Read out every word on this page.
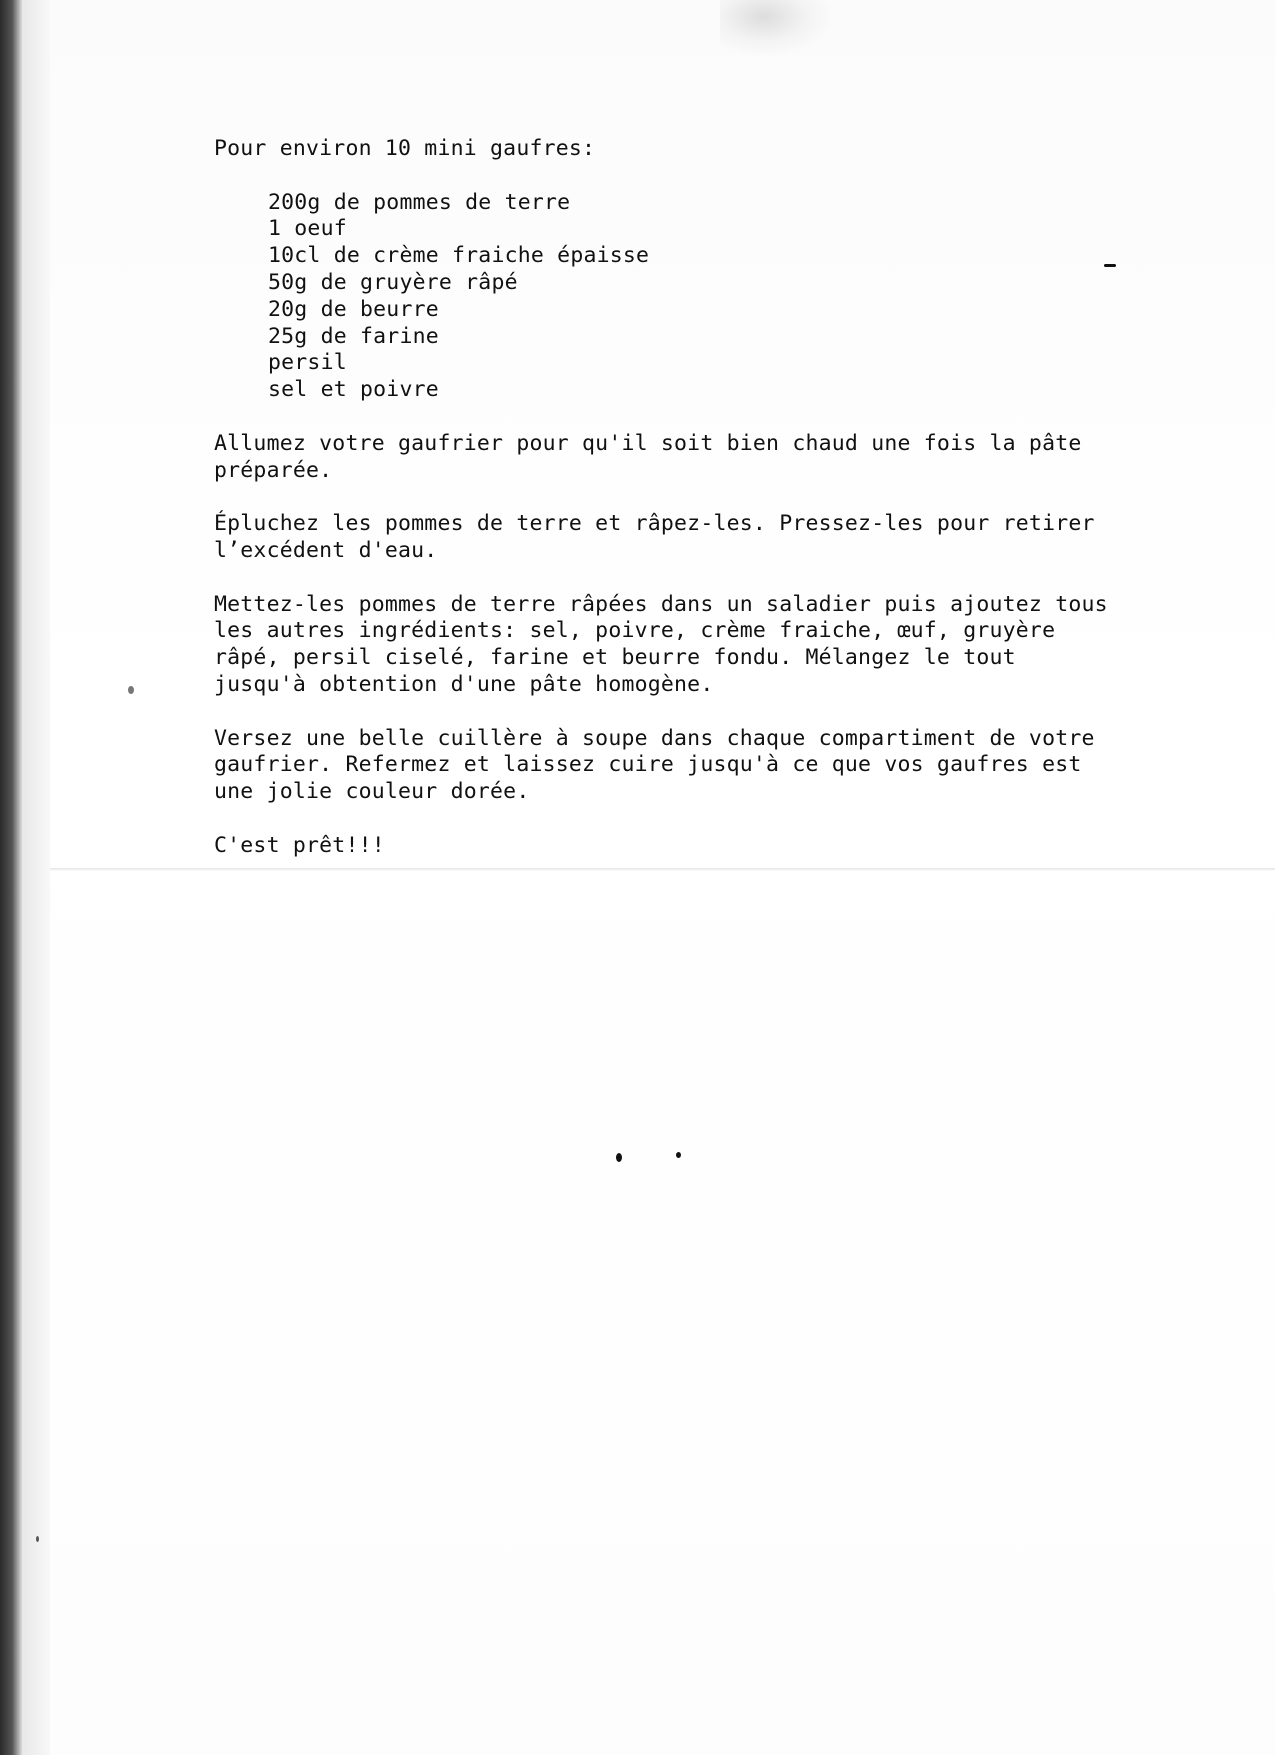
Pour environ 10 mini gaufres:

200g de pommes de terre

1 oeuf

10cl de crème fraiche épaisse

50g de gruyère râpé

20g de beurre

25g de farine

persil

sel et poivre

Allumez votre gaufrier pour qu'il soit bien chaud une fois la pâte

préparée.

Épluchez les pommes de terre et râpez-les. Pressez-les pour retirer

l’excédent d'eau.

Mettez-les pommes de terre râpées dans un saladier puis ajoutez tous

les autres ingrédients: sel, poivre, crème fraiche, œuf, gruyère

râpé, persil ciselé, farine et beurre fondu. Mélangez le tout

jusqu'à obtention d'une pâte homogène.

Versez une belle cuillère à soupe dans chaque compartiment de votre

gaufrier. Refermez et laissez cuire jusqu'à ce que vos gaufres est

une jolie couleur dorée.

C'est prêt!!!
